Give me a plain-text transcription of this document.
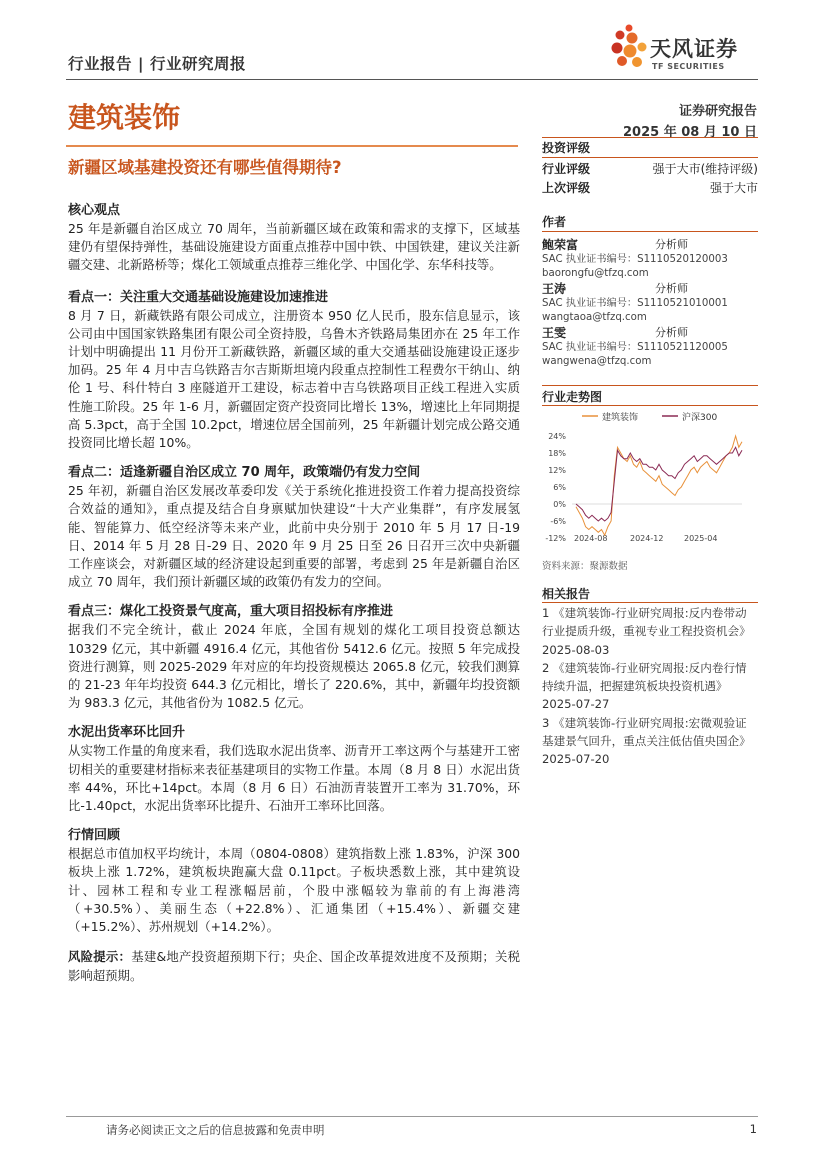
天风证券
TF SECURITIES
行业报告 | 行业研究周报
建筑装饰	证券研究报告
2025 年 08 月 10 日
新疆区域基建投资还有哪些值得期待?
核心观点

25 年是新疆自治区成立 70 周年，当前新疆区域在政策和需求的支撑下，区域基建仍有望保持弹性，基础设施建设方面重点推荐中国中铁、中国铁建，建议关注新疆交建、北新路桥等；煤化工领域重点推荐三维化学、中国化学、东华科技等。

看点一：关注重大交通基础设施建设加速推进

8 月 7 日，新藏铁路有限公司成立，注册资本 950 亿人民币，股东信息显示，该公司由中国国家铁路集团有限公司全资持股，乌鲁木齐铁路局集团亦在 25 年工作计划中明确提出 11 月份开工新藏铁路，新疆区域的重大交通基础设施建设正逐步加码。25 年 4 月中吉乌铁路吉尔吉斯斯坦境内段重点控制性工程费尔干纳山、纳伦 1 号、科什特白 3 座隧道开工建设，标志着中吉乌铁路项目正线工程进入实质性施工阶段。25 年 1-6 月，新疆固定资产投资同比增长 13%，增速比上年同期提高 5.3pct，高于全国 10.2pct，增速位居全国前列，25 年新疆计划完成公路交通投资同比增长超 10%。

看点二：适逢新疆自治区成立 70 周年，政策端仍有发力空间

25 年初，新疆自治区发展改革委印发《关于系统化推进投资工作着力提高投资综合效益的通知》，重点提及结合自身禀赋加快建设“十大产业集群”，有序发展氢能、智能算力、低空经济等未来产业，此前中央分别于 2010 年 5 月 17 日-19 日、2014 年 5 月 28 日-29 日、2020 年 9 月 25 日至 26 日召开三次中央新疆工作座谈会，对新疆区域的经济建设起到重要的部署，考虑到 25 年是新疆自治区成立 70 周年，我们预计新疆区域的政策仍有发力的空间。

看点三：煤化工投资景气度高，重大项目招投标有序推进

据我们不完全统计，截止 2024 年底，全国有规划的煤化工项目投资总额达 10329 亿元，其中新疆 4916.4 亿元，其他省份 5412.6 亿元。按照 5 年完成投资进行测算，则 2025-2029 年对应的年均投资规模达 2065.8 亿元，较我们测算的 21-23 年年均投资 644.3 亿元相比，增长了 220.6%，其中，新疆年均投资额为 983.3 亿元，其他省份为 1082.5 亿元。

水泥出货率环比回升

从实物工作量的角度来看，我们选取水泥出货率、沥青开工率这两个与基建开工密切相关的重要建材指标来表征基建项目的实物工作量。本周（8 月 8 日）水泥出货率 44%，环比+14pct。本周（8 月 6 日）石油沥青装置开工率为 31.70%，环比-1.40pct，水泥出货率环比提升、石油开工率环比回落。

行情回顾

根据总市值加权平均统计，本周（0804-0808）建筑指数上涨 1.83%，沪深 300 板块上涨 1.72%，建筑板块跑赢大盘 0.11pct。子板块悉数上涨，其中建筑设计、园林工程和专业工程涨幅居前，个股中涨幅较为靠前的有上海港湾（+30.5%）、美丽生态（+22.8%）、汇通集团（+15.4%）、新疆交建（+15.2%）、苏州规划（+14.2%）。

风险提示：基建&地产投资超预期下行；央企、国企改革提效进度不及预期；关税影响超预期。

投资评级
行业评级	强于大市(维持评级)
上次评级	强于大市
作者
鲍荣富	分析师
SAC 执业证书编号：S1110520120003
baorongfu@tfzq.com
王涛	分析师
SAC 执业证书编号：S1110521010001
wangtaoa@tfzq.com
王雯	分析师
SAC 执业证书编号：S1110521120005
wangwena@tfzq.com
行业走势图
建筑装饰	沪深300
24%
18%
12%
6%
0%
-6%
-12% 2024-08	2024-12	2025-04
资料来源：聚源数据
相关报告
1 《建筑装饰-行业研究周报:反内卷带动行业提质升级，重视专业工程投资机会》 2025-08-03
2 《建筑装饰-行业研究周报:反内卷行情持续升温，把握建筑板块投资机遇》 2025-07-27
3 《建筑装饰-行业研究周报:宏微观验证基建景气回升，重点关注低估值央国企》 2025-07-20
请务必阅读正文之后的信息披露和免责申明	1
